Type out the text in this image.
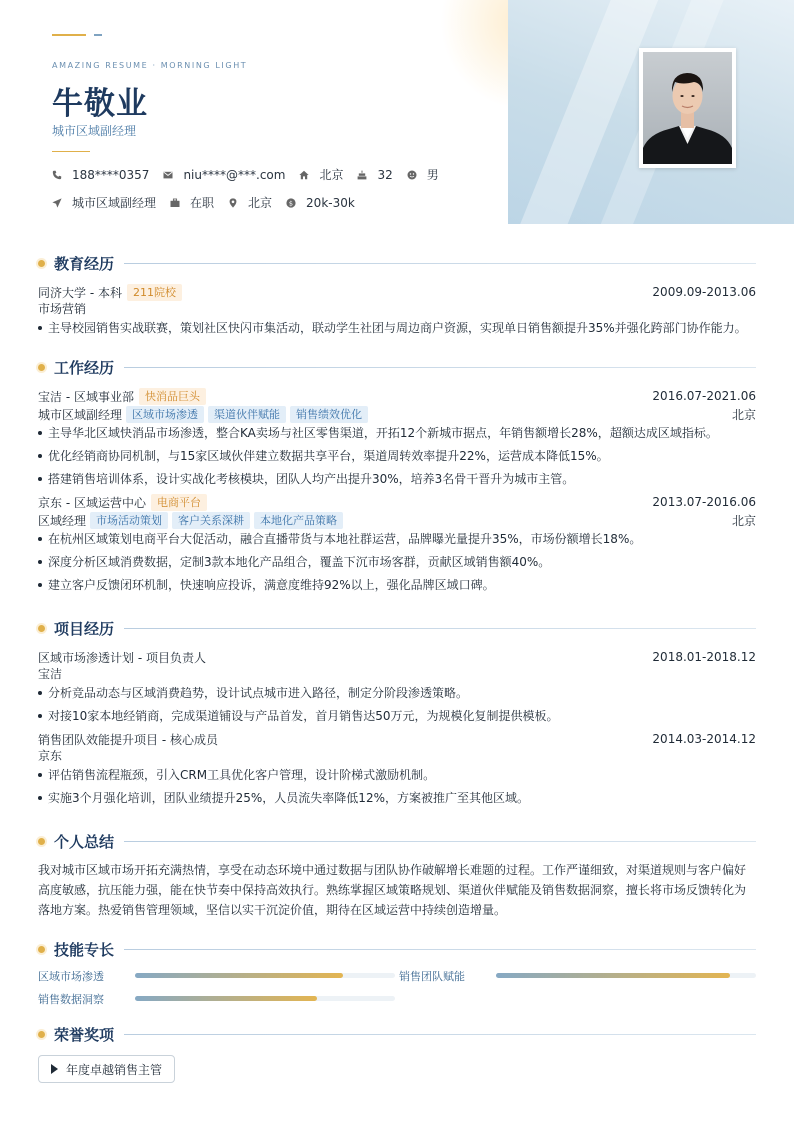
AMAZING RESUME · MORNING LIGHT
牛敬业
城市区域副经理
188****0357	niu****@***.com	北京	32	男
城市区域副经理	在职	北京	$ 20k-30k
教育经历
同济大学 - 本科	211院校	2009.09-2013.06
市场营销
主导校园销售实战联赛，策划社区快闪市集活动，联动学生社团与周边商户资源，实现单日销售额提升35%并强化跨部门协作能力。
工作经历
宝洁 - 区域事业部	快消品巨头	2016.07-2021.06
城市区域副经理 区域市场渗透	渠道伙伴赋能	销售绩效优化	北京
主导华北区域快消品市场渗透，整合KA卖场与社区零售渠道，开拓12个新城市据点，年销售额增长28%，超额达成区域指标。
优化经销商协同机制，与15家区域伙伴建立数据共享平台，渠道周转效率提升22%，运营成本降低15%。
搭建销售培训体系，设计实战化考核模块，团队人均产出提升30%，培养3名骨干晋升为城市主管。
京东 - 区域运营中心	电商平台	2013.07-2016.06
区域经理 市场活动策划	客户关系深耕	本地化产品策略	北京
在杭州区域策划电商平台大促活动，融合直播带货与本地社群运营，品牌曝光量提升35%，市场份额增长18%。
深度分析区域消费数据，定制3款本地化产品组合，覆盖下沉市场客群，贡献区域销售额40%。
建立客户反馈闭环机制，快速响应投诉，满意度维持92%以上，强化品牌区域口碑。
项目经历
区域市场渗透计划 - 项目负责人	2018.01-2018.12
宝洁
分析竞品动态与区域消费趋势，设计试点城市进入路径，制定分阶段渗透策略。
对接10家本地经销商，完成渠道铺设与产品首发，首月销售达50万元，为规模化复制提供模板。
销售团队效能提升项目 - 核心成员	2014.03-2014.12
京东
评估销售流程瓶颈，引入CRM工具优化客户管理，设计阶梯式激励机制。
实施3个月强化培训，团队业绩提升25%，人员流失率降低12%，方案被推广至其他区域。
个人总结
我对城市区域市场开拓充满热情，享受在动态环境中通过数据与团队协作破解增长难题的过程。工作严谨细致，对渠道规则与客户偏好
高度敏感，抗压能力强，能在快节奏中保持高效执行。熟练掌握区域策略规划、渠道伙伴赋能及销售数据洞察，擅长将市场反馈转化为
落地方案。热爱销售管理领域，坚信以实干沉淀价值，期待在区域运营中持续创造增量。
技能专长
区域市场渗透	销售团队赋能
销售数据洞察
荣誉奖项
年度卓越销售主管
